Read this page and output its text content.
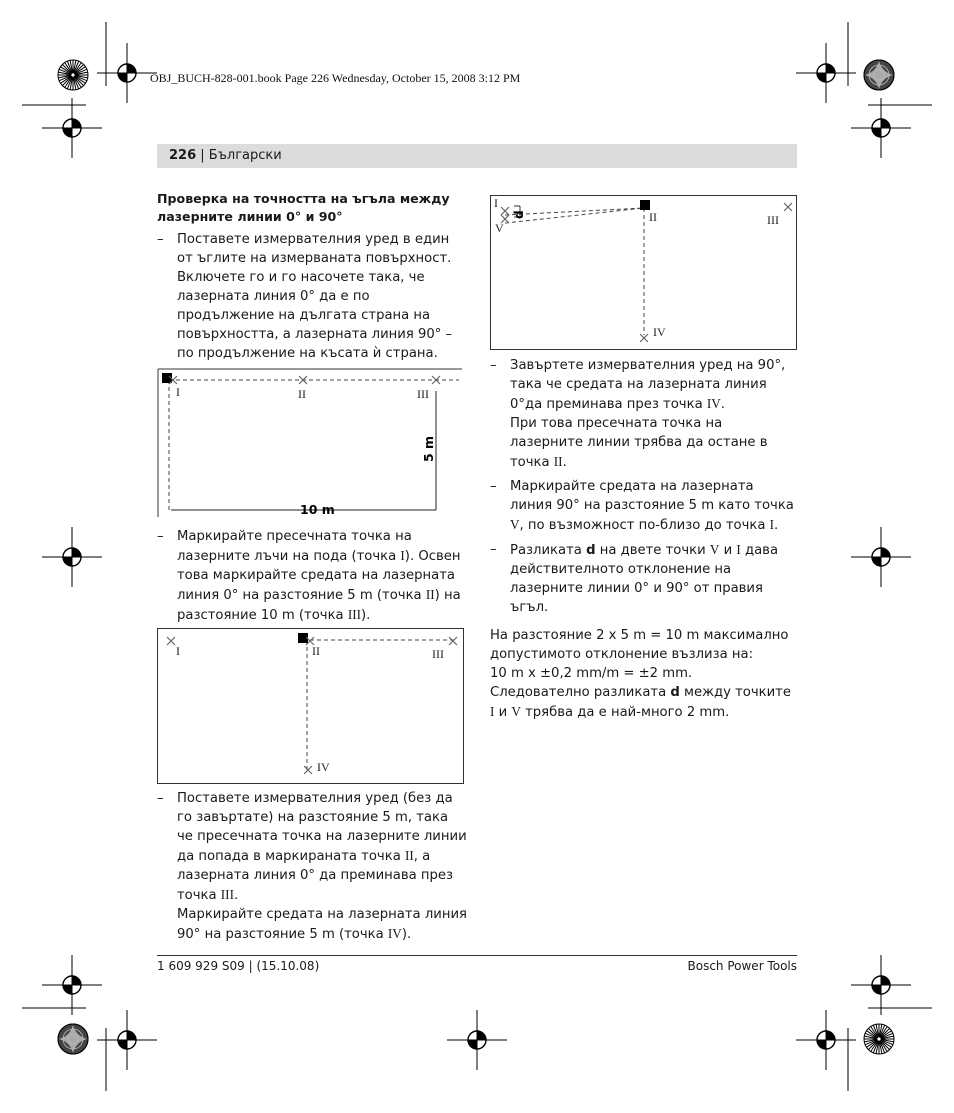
OBJ_BUCH-828-001.book Page 226 Wednesday, October 15, 2008 3:12 PM
226 | Български

Проверка на точността на ъгъла между лазерните линии 0° и 90°

– Поставете измервателния уред в един от ъглите на измерваната повърхност. Включете го и го насочете така, че лазерната линия 0° да е по продължение на дългата страна на повърхността, а лазерната линия 90° – по продължение на късата ѝ страна.
I	II	III
10 m
5 m
– Маркирайте пресечната точка на лазерните лъчи на пода (точка I). Освен това маркирайте средата на лазерната линия 0° на разстояние 5 m (точка II) на разстояние 10 m (точка III).
I	II	III
IV
– Поставете измервателния уред (без да го завъртате) на разстояние 5 m, така че пресечната точка на лазерните линии да попада в маркираната точка II, а лазерната линия 0° да преминава през точка III.
Маркирайте средата на лазерната линия 90° на разстояние 5 m (точка IV).
d
I
V
II	III
IV
– Завъртете измервателния уред на 90°, така че средата на лазерната линия 0°да преминава през точка IV.
При това пресечната точка на лазерните линии трябва да остане в точка II.
– Маркирайте средата на лазерната линия 90° на разстояние 5 m като точка V, по възможност по-близо до точка I.
– Разликата d на двете точки V и I дава действителното отклонение на лазерните линии 0° и 90° от правия ъгъл.

На разстояние 2 x 5 m = 10 m максимално допустимото отклонение възлиза на:

10 m x ±0,2 mm/m = ±2 mm.

Следователно разликата d между точките I и V трябва да е най-много 2 mm.

1 609 929 S09 | (15.10.08)	Bosch Power Tools
